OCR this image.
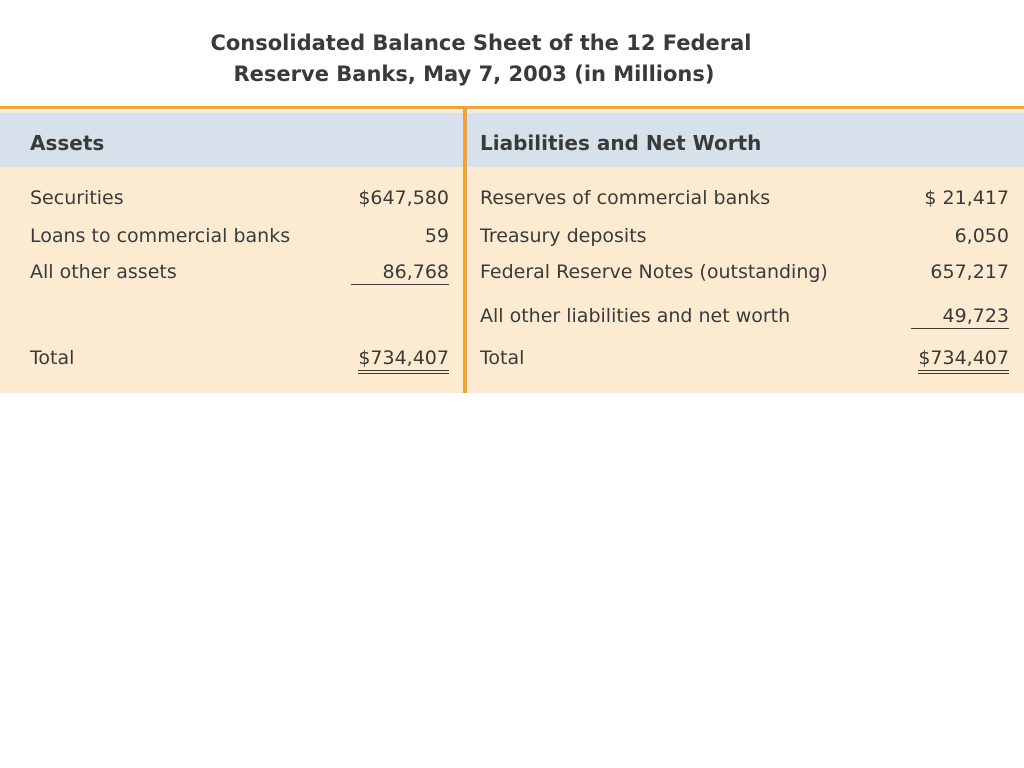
Consolidated Balance Sheet of the 12 Federal
Reserve Banks, May 7, 2003 (in Millions)
Assets	Liabilities and Net Worth
Securities	$647,580
Loans to commercial banks	59
All other assets	86,768
Total	$734,407
Reserves of commercial banks	$ 21,417
Treasury deposits	6,050
Federal Reserve Notes (outstanding)	657,217
All other liabilities and net worth	49,723
Total	$734,407
